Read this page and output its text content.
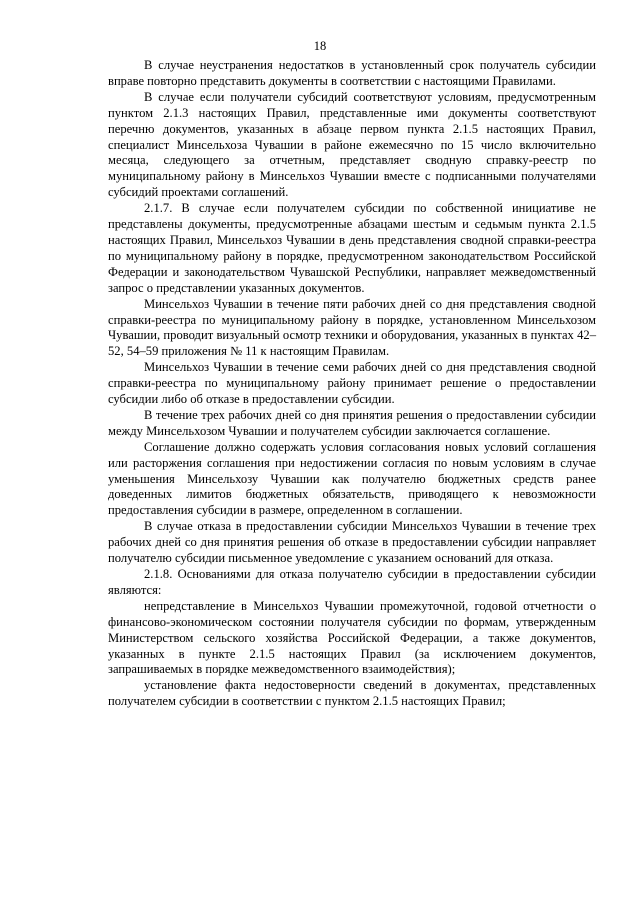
18

В случае неустранения недостатков в установленный срок получатель субсидии вправе повторно представить документы в соответствии с настоящими Правилами.

В случае если получатели субсидий соответствуют условиям, предусмотренным пунктом 2.1.3 настоящих Правил, представленные ими документы соответствуют перечню документов, указанных в абзаце первом пункта 2.1.5 настоящих Правил, специалист Минсельхоза Чувашии в районе ежемесячно по 15 число включительно месяца, следующего за отчетным, представляет сводную справку-реестр по муниципальному району в Минсельхоз Чувашии вместе с подписанными получателями субсидий проектами соглашений.

2.1.7. В случае если получателем субсидии по собственной инициативе не представлены документы, предусмотренные абзацами шестым и седьмым пункта 2.1.5 настоящих Правил, Минсельхоз Чувашии в день представления сводной справки-реестра по муниципальному району в порядке, предусмотренном законодательством Российской Федерации и законодательством Чувашской Республики, направляет межведомственный запрос о представлении указанных документов.

Минсельхоз Чувашии в течение пяти рабочих дней со дня представления сводной справки-реестра по муниципальному району в порядке, установленном Минсельхозом Чувашии, проводит визуальный осмотр техники и оборудования, указанных в пунктах 42–52, 54–59 приложения № 11 к настоящим Правилам.

Минсельхоз Чувашии в течение семи рабочих дней со дня представления сводной справки-реестра по муниципальному району принимает решение о предоставлении субсидии либо об отказе в предоставлении субсидии.

В течение трех рабочих дней со дня принятия решения о предоставлении субсидии между Минсельхозом Чувашии и получателем субсидии заключается соглашение.

Соглашение должно содержать условия согласования новых условий соглашения или расторжения соглашения при недостижении согласия по новым условиям в случае уменьшения Минсельхозу Чувашии как получателю бюджетных средств ранее доведенных лимитов бюджетных обязательств, приводящего к невозможности предоставления субсидии в размере, определенном в соглашении.

В случае отказа в предоставлении субсидии Минсельхоз Чувашии в течение трех рабочих дней со дня принятия решения об отказе в предоставлении субсидии направляет получателю субсидии письменное уведомление с указанием оснований для отказа.

2.1.8. Основаниями для отказа получателю субсидии в предоставлении субсидии являются:

непредставление в Минсельхоз Чувашии промежуточной, годовой отчетности о финансово-экономическом состоянии получателя субсидии по формам, утвержденным Министерством сельского хозяйства Российской Федерации, а также документов, указанных в пункте 2.1.5 настоящих Правил (за исключением документов, запрашиваемых в порядке межведомственного взаимодействия);

установление факта недостоверности сведений в документах, представленных получателем субсидии в соответствии с пунктом 2.1.5 настоящих Правил;
